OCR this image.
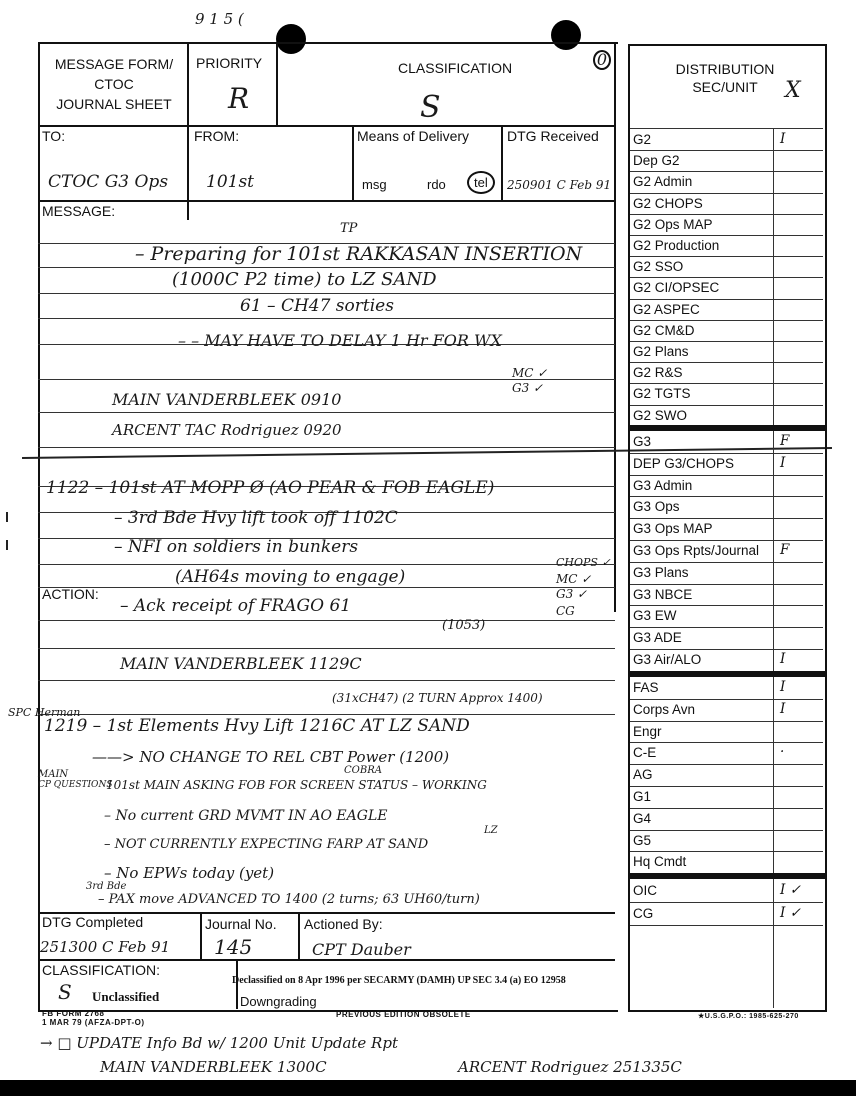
9 1 5 (
MESSAGE FORM/
CTOC
JOURNAL SHEET
PRIORITY
R
CLASSIFICATION
S
0
TO:
CTOC G3 Ops
FROM:
101st
Means of Delivery
msg	rdo	tel
DTG Received
250901 C Feb 91
MESSAGE:
TP
– Preparing for 101st RAKKASAN INSERTION
(1000C P2 time) to LZ SAND
61 – CH47 sorties
– – MAY HAVE TO DELAY 1 Hr FOR WX
MC ✓
G3 ✓
MAIN VANDERBLEEK 0910
ARCENT TAC Rodriguez 0920
1122 – 101st AT MOPP Ø (AO PEAR & FOB EAGLE)
– 3rd Bde Hvy lift took off 1102C
– NFI on soldiers in bunkers
(AH64s moving to engage)
CHOPS ✓
MC ✓
G3 ✓
CG
ACTION:
– Ack receipt of FRAGO 61
(1053)
MAIN VANDERBLEEK 1129C
(31xCH47) (2 TURN Approx 1400)
SPC Herman
1219 – 1st Elements Hvy Lift 1216C AT LZ SAND
——> NO CHANGE TO REL CBT Power (1200)
MAIN
CP QUESTIONS
COBRA
101st MAIN ASKING FOB FOR SCREEN STATUS – WORKING
– No current GRD MVMT IN AO EAGLE
LZ
– NOT CURRENTLY EXPECTING FARP AT SAND
– No EPWs today (yet)
3rd Bde
– PAX move ADVANCED TO 1400 (2 turns; 63 UH60/turn)
DTG Completed
251300 C Feb 91
Journal No.
145
Actioned By:
CPT Dauber
CLASSIFICATION:
S Unclassified
Declassified on 8 Apr 1996 per SECARMY (DAMH) UP SEC 3.4 (a) EO 12958
Downgrading
DISTRIBUTION
SEC/UNIT	X
G2	I
Dep G2
G2 Admin
G2 CHOPS
G2 Ops MAP
G2 Production
G2 SSO
G2 CI/OPSEC
G2 ASPEC
G2 CM&D
G2 Plans
G2 R&S
G2 TGTS
G2 SWO
G3	F
DEP G3/CHOPS	I
G3 Admin
G3 Ops
G3 Ops MAP
G3 Ops Rpts/Journal F
G3 Plans
G3 NBCE
G3 EW
G3 ADE
G3 Air/ALO	I
FAS	I
Corps Avn	I
Engr
C-E	·
AG
G1
G4
G5
Hq Cmdt
OIC	I ✓
CG	I ✓
FB FORM 2768
1 MAR 79 (AFZA-DPT-O)
PREVIOUS EDITION OBSOLETE	★U.S.G.P.O.: 1985-625-270
→ □ UPDATE Info Bd w/ 1200 Unit Update Rpt
MAIN VANDERBLEEK 1300C	ARCENT Rodriguez 251335C
